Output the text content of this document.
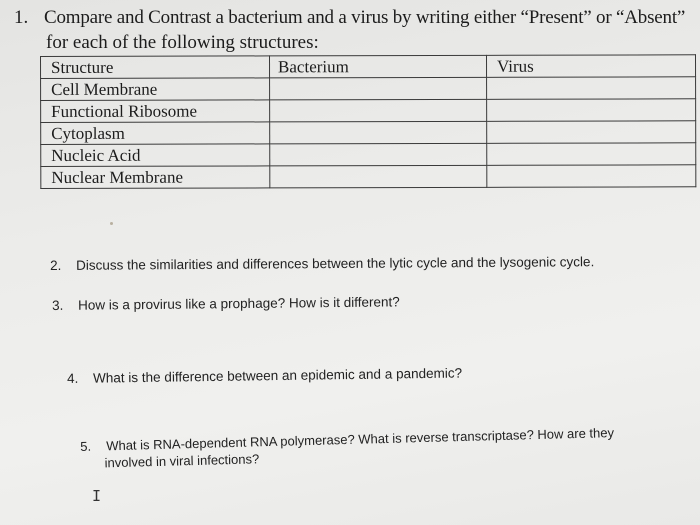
1. Compare and Contrast a bacterium and a virus by writing either “Present” or “Absent”
for each of the following structures:
Structure	Bacterium	Virus
Cell Membrane		
Functional Ribosome		
Cytoplasm		
Nucleic Acid		
Nuclear Membrane		
2. Discuss the similarities and differences between the lytic cycle and the lysogenic cycle.
3. How is a provirus like a prophage? How is it different?
4. What is the difference between an epidemic and a pandemic?
5. What is RNA-dependent RNA polymerase? What is reverse transcriptase? How are they
involved in viral infections?
I
